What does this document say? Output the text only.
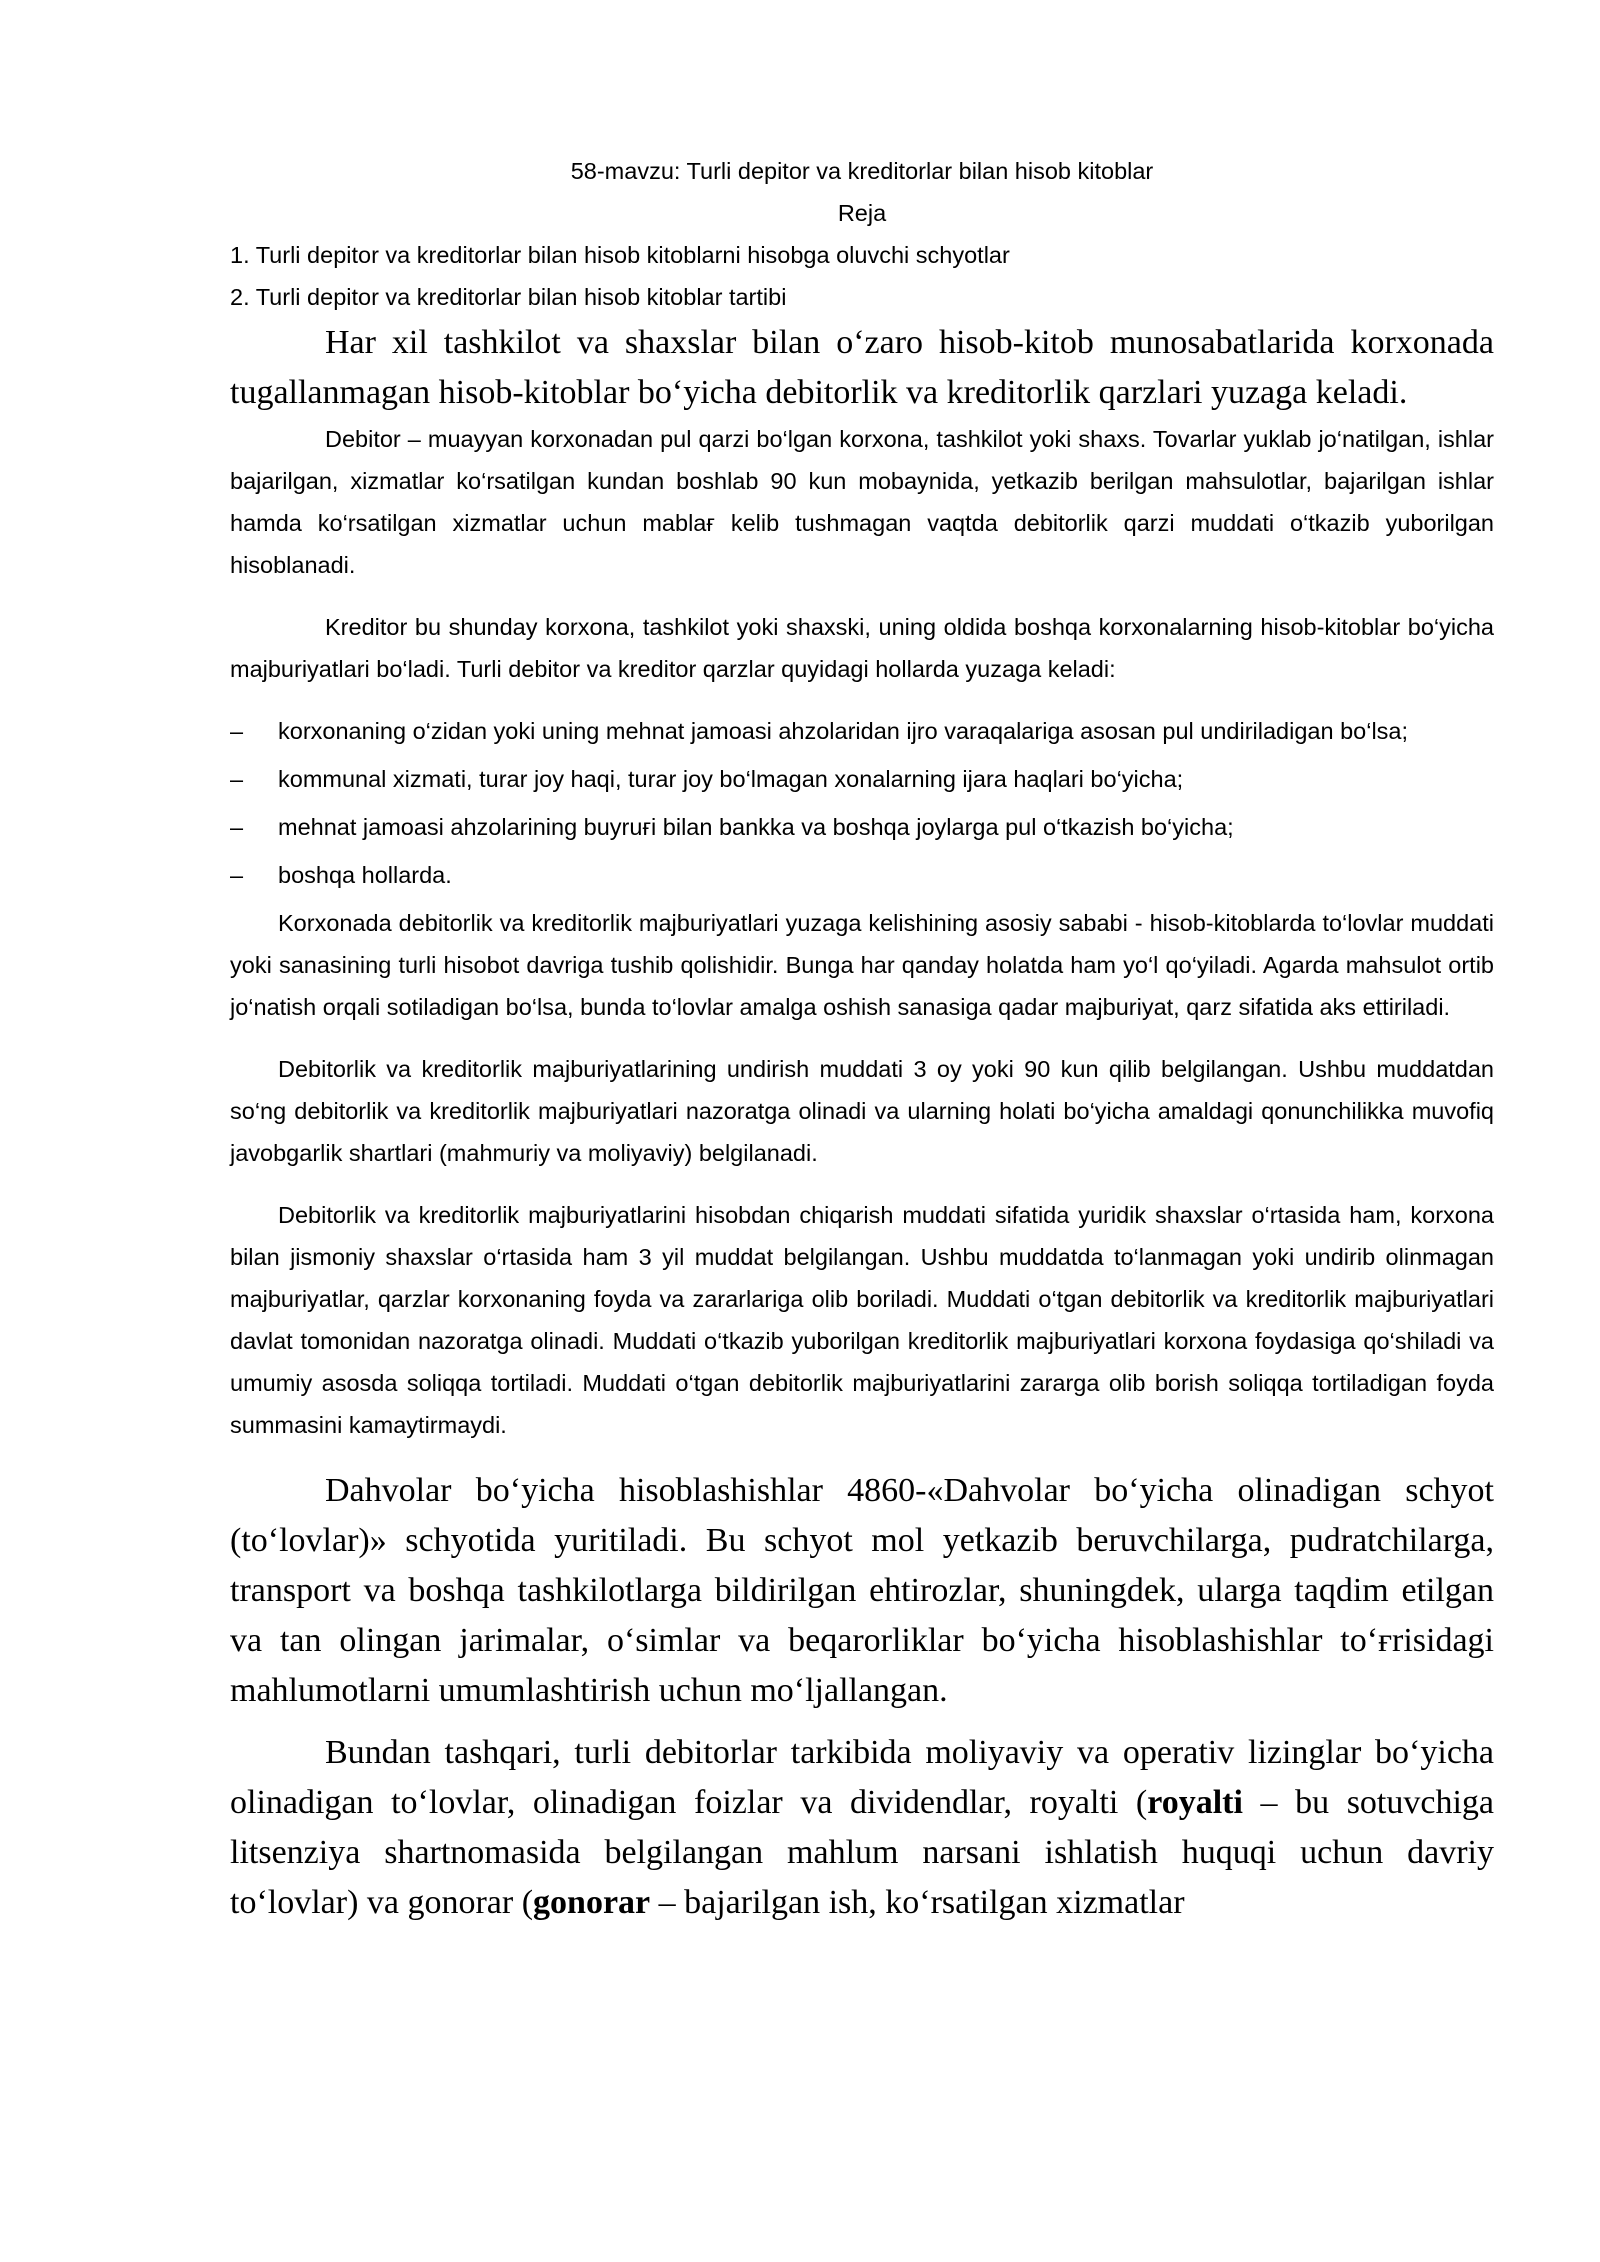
58-mavzu: Turli depitor va kreditorlar bilan hisob kitoblar

Reja

1. Turli depitor va kreditorlar bilan hisob kitoblarni hisobga oluvchi schyotlar

2. Turli depitor va kreditorlar bilan hisob kitoblar tartibi

Har xil tashkilot va shaxslar bilan o‘zaro hisob-kitob munosabatlarida korxonada tugallanmagan hisob-kitoblar bo‘yicha debitorlik va kreditorlik qarzlari yuzaga keladi.

Debitor – muayyan korxonadan pul qarzi bo‘lgan korxona, tashkilot yoki shaxs. Tovarlar yuklab jo‘natilgan, ishlar bajarilgan, xizmatlar ko‘rsatilgan kundan boshlab 90 kun mobaynida, yetkazib berilgan mahsulotlar, bajarilgan ishlar hamda ko‘rsatilgan xizmatlar uchun mablaғ kelib tushmagan vaqtda debitorlik qarzi muddati o‘tkazib yuborilgan hisoblanadi.

Kreditor bu shunday korxona, tashkilot yoki shaxski, uning oldida boshqa korxonalarning hisob-kitoblar bo‘yicha majburiyatlari bo‘ladi. Turli debitor va kreditor qarzlar quyidagi hollarda yuzaga keladi:

–	korxonaning o‘zidan yoki uning mehnat jamoasi ahzolaridan ijro varaqalariga asosan pul undiriladigan bo‘lsa;
–	kommunal xizmati, turar joy haqi, turar joy bo‘lmagan xonalarning ijara haqlari bo‘yicha;
–	mehnat jamoasi ahzolarining buyruғi bilan bankka va boshqa joylarga pul o‘tkazish bo‘yicha;
–	boshqa hollarda.

Korxonada debitorlik va kreditorlik majburiyatlari yuzaga kelishining asosiy sababi - hisob-kitoblarda to‘lovlar muddati yoki sanasining turli hisobot davriga tushib qolishidir. Bunga har qanday holatda ham yo‘l qo‘yiladi. Agarda mahsulot ortib jo‘natish orqali sotiladigan bo‘lsa, bunda to‘lovlar amalga oshish sanasiga qadar majburiyat, qarz sifatida aks ettiriladi.

Debitorlik va kreditorlik majburiyatlarining undirish muddati 3 oy yoki 90 kun qilib belgilangan. Ushbu muddatdan so‘ng debitorlik va kreditorlik majburiyatlari nazoratga olinadi va ularning holati bo‘yicha amaldagi qonunchilikka muvofiq javobgarlik shartlari (mahmuriy va moliyaviy) belgilanadi.

Debitorlik va kreditorlik majburiyatlarini hisobdan chiqarish muddati sifatida yuridik shaxslar o‘rtasida ham, korxona bilan jismoniy shaxslar o‘rtasida ham 3 yil muddat belgilangan. Ushbu muddatda to‘lanmagan yoki undirib olinmagan majburiyatlar, qarzlar korxonaning foyda va zararlariga olib boriladi. Muddati o‘tgan debitorlik va kreditorlik majburiyatlari davlat tomonidan nazoratga olinadi. Muddati o‘tkazib yuborilgan kreditorlik majburiyatlari korxona foydasiga qo‘shiladi va umumiy asosda soliqqa tortiladi. Muddati o‘tgan debitorlik majburiyatlarini zararga olib borish soliqqa tortiladigan foyda summasini kamaytirmaydi.

Dahvolar bo‘yicha hisoblashishlar 4860-«Dahvolar bo‘yicha olinadigan schyot (to‘lovlar)» schyotida yuritiladi. Bu schyot mol yetkazib beruvchilarga, pudratchilarga, transport va boshqa tashkilotlarga bildirilgan ehtirozlar, shuningdek, ularga taqdim etilgan va tan olingan jarimalar, o‘simlar va beqarorliklar bo‘yicha hisoblashishlar to‘ғrisidagi mahlumotlarni umumlashtirish uchun mo‘ljallangan.

Bundan tashqari, turli debitorlar tarkibida moliyaviy va operativ lizinglar bo‘yicha olinadigan to‘lovlar, olinadigan foizlar va dividendlar, royalti (royalti – bu sotuvchiga litsenziya shartnomasida belgilangan mahlum narsani ishlatish huquqi uchun davriy to‘lovlar) va gonorar (gonorar – bajarilgan ish, ko‘rsatilgan xizmatlar
